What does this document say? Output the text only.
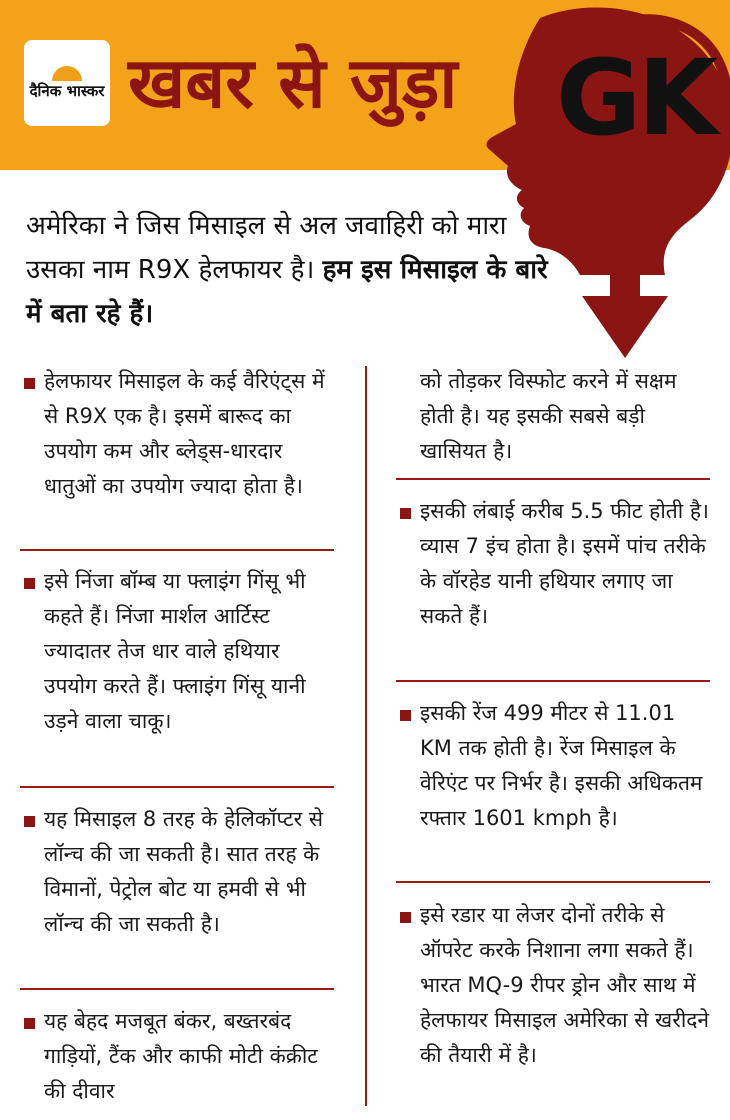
दैनिक भास्कर खबर से जुड़ा GK
अमेरिका ने जिस मिसाइल से अल जवाहिरी को मारा उसका नाम R9X हेलफायर है। हम इस मिसाइल के बारे में बता रहे हैं।
हेलफायर मिसाइल के कई वैरिएंट्स में से R9X एक है। इसमें बारूद का उपयोग कम और ब्लेड्स-धारदार धातुओं का उपयोग ज्यादा होता है।
इसे निंजा बॉम्ब या फ्लाइंग गिंसू भी कहते हैं। निंजा मार्शल आर्टिस्ट ज्यादातर तेज धार वाले हथियार उपयोग करते हैं। फ्लाइंग गिंसू यानी उड़ने वाला चाकू।
यह मिसाइल 8 तरह के हेलिकॉप्टर से लॉन्च की जा सकती है। सात तरह के विमानों, पेट्रोल बोट या हमवी से भी लॉन्च की जा सकती है।
यह बेहद मजबूत बंकर, बख्तरबंद गाड़ियों, टैंक और काफी मोटी कंक्रीट की दीवार
को तोड़कर विस्फोट करने में सक्षम होती है। यह इसकी सबसे बड़ी खासियत है।
इसकी लंबाई करीब 5.5 फीट होती है। व्यास 7 इंच होता है। इसमें पांच तरीके के वॉरहेड यानी हथियार लगाए जा सकते हैं।
इसकी रेंज 499 मीटर से 11.01 KM तक होती है। रेंज मिसाइल के वेरिएंट पर निर्भर है। इसकी अधिकतम रफ्तार 1601 kmph है।
इसे रडार या लेजर दोनों तरीके से ऑपरेट करके निशाना लगा सकते हैं। भारत MQ-9 रीपर ड्रोन और साथ में हेलफायर मिसाइल अमेरिका से खरीदने की तैयारी में है।
